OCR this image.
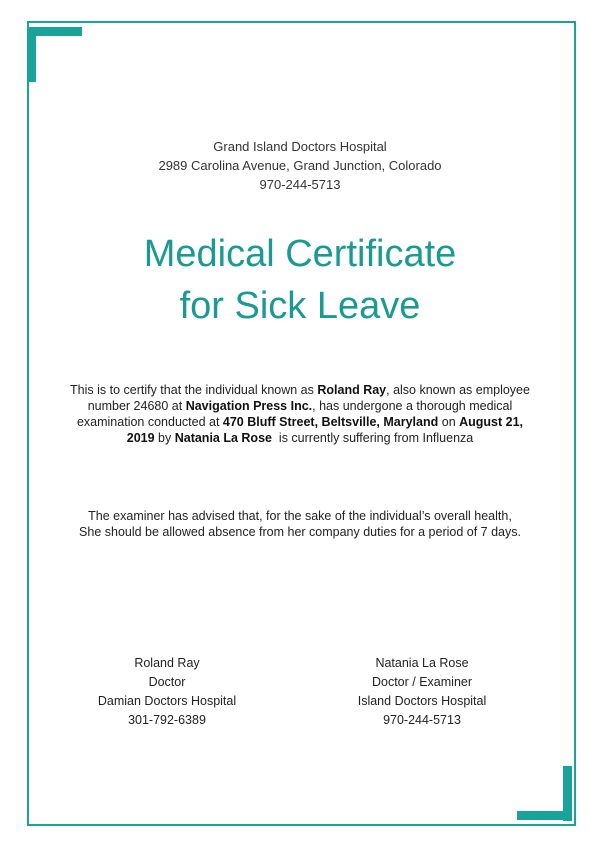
Grand Island Doctors Hospital
2989 Carolina Avenue, Grand Junction, Colorado
970-244-5713
Medical Certificate
for Sick Leave
This is to certify that the individual known as Roland Ray, also known as employee number 24680 at Navigation Press Inc., has undergone a thorough medical examination conducted at 470 Bluff Street, Beltsville, Maryland on August 21, 2019 by Natania La Rose  is currently suffering from Influenza
The examiner has advised that, for the sake of the individual’s overall health,
She should be allowed absence from her company duties for a period of 7 days.
Roland Ray
Doctor
Damian Doctors Hospital
301-792-6389
Natania La Rose
Doctor / Examiner
Island Doctors Hospital
970-244-5713
